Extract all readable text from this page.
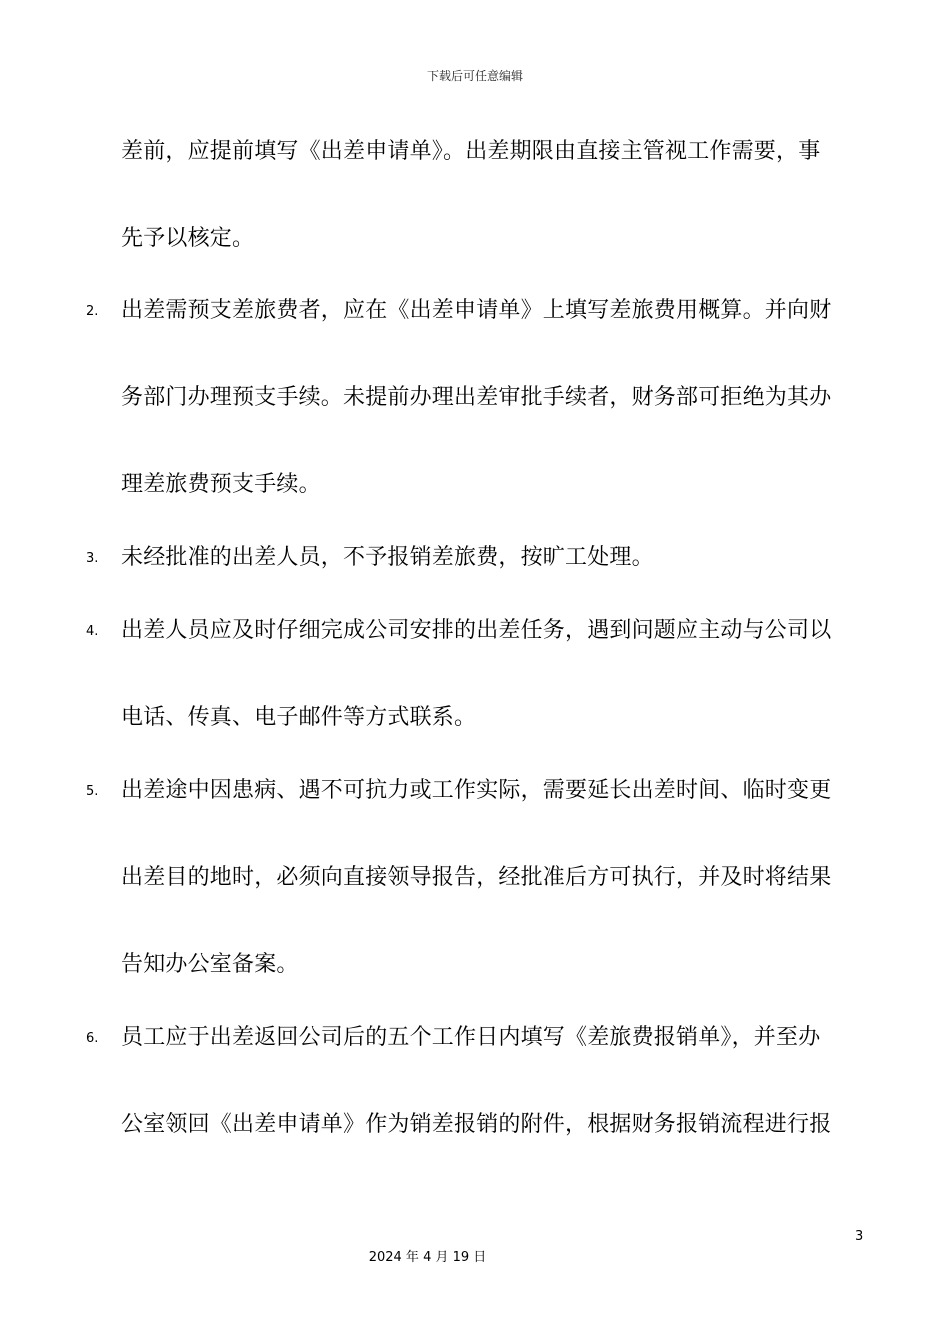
下载后可任意编辑
差前，应提前填写《出差申请单》。出差期限由直接主管视工作需要，事
先予以核定。
2. 出差需预支差旅费者，应在《出差申请单》上填写差旅费用概算。并向财
务部门办理预支手续。未提前办理出差审批手续者，财务部可拒绝为其办
理差旅费预支手续。
3. 未经批准的出差人员，不予报销差旅费，按旷工处理。
4. 出差人员应及时仔细完成公司安排的出差任务，遇到问题应主动与公司以
电话、传真、电子邮件等方式联系。
5. 出差途中因患病、遇不可抗力或工作实际，需要延长出差时间、临时变更
出差目的地时，必须向直接领导报告，经批准后方可执行，并及时将结果
告知办公室备案。
6. 员工应于出差返回公司后的五个工作日内填写《差旅费报销单》，并至办
公室领回《出差申请单》作为销差报销的附件，根据财务报销流程进行报
3
2024 年 4 月 19 日
